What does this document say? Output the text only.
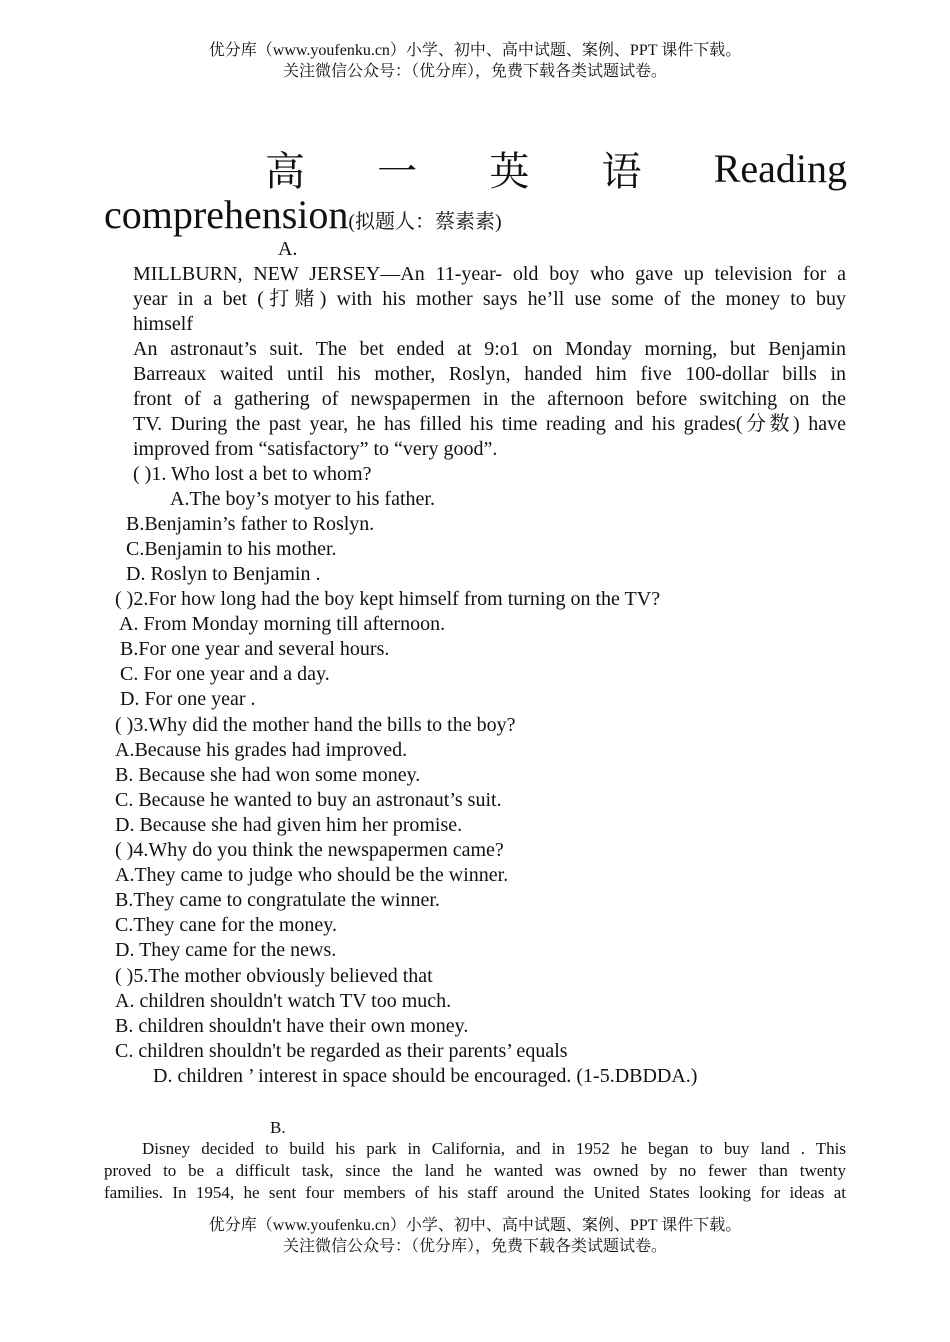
优分库（www.youfenku.cn）小学、初中、高中试题、案例、PPT 课件下载。
关注微信公众号：（优分库），免费下载各类试题试卷。
高 一 英 语 Reading
comprehension(拟题人：蔡素素)
A.
MILLBURN, NEW JERSEY—An 11-year- old boy who gave up television for a
year in a bet (打赌) with his mother says he’ll use some of the money to buy
himself
An astronaut’s suit. The bet ended at 9:o1 on Monday morning, but Benjamin
Barreaux waited until his mother, Roslyn, handed him five 100-dollar bills in
front of a gathering of newspapermen in the afternoon before switching on the
TV. During the past year, he has filled his time reading and his grades(分数) have
improved from “satisfactory” to “very good”.
( )1. Who lost a bet to whom?
A.The boy’s motyer to his father.
B.Benjamin’s father to Roslyn.
C.Benjamin to his mother.
D. Roslyn to Benjamin .
( )2.For how long had the boy kept himself from turning on the TV?
A. From Monday morning till afternoon.
B.For one year and several hours.
C. For one year and a day.
D. For one year .
( )3.Why did the mother hand the bills to the boy?
A.Because his grades had improved.
B. Because she had won some money.
C. Because he wanted to buy an astronaut’s suit.
D. Because she had given him her promise.
( )4.Why do you think the newspapermen came?
A.They came to judge who should be the winner.
B.They came to congratulate the winner.
C.They cane for the money.
D. They came for the news.
( )5.The mother obviously believed that
A. children shouldn't watch TV too much.
B. children shouldn't have their own money.
C. children shouldn't be regarded as their parents’ equals
D. children ’ interest in space should be encouraged. (1-5.DBDDA.)
B.
Disney decided to build his park in California, and in 1952 he began to buy land . This
proved to be a difficult task, since the land he wanted was owned by no fewer than twenty
families. In 1954, he sent four members of his staff around the United States looking for ideas at
优分库（www.youfenku.cn）小学、初中、高中试题、案例、PPT 课件下载。
关注微信公众号：（优分库），免费下载各类试题试卷。
